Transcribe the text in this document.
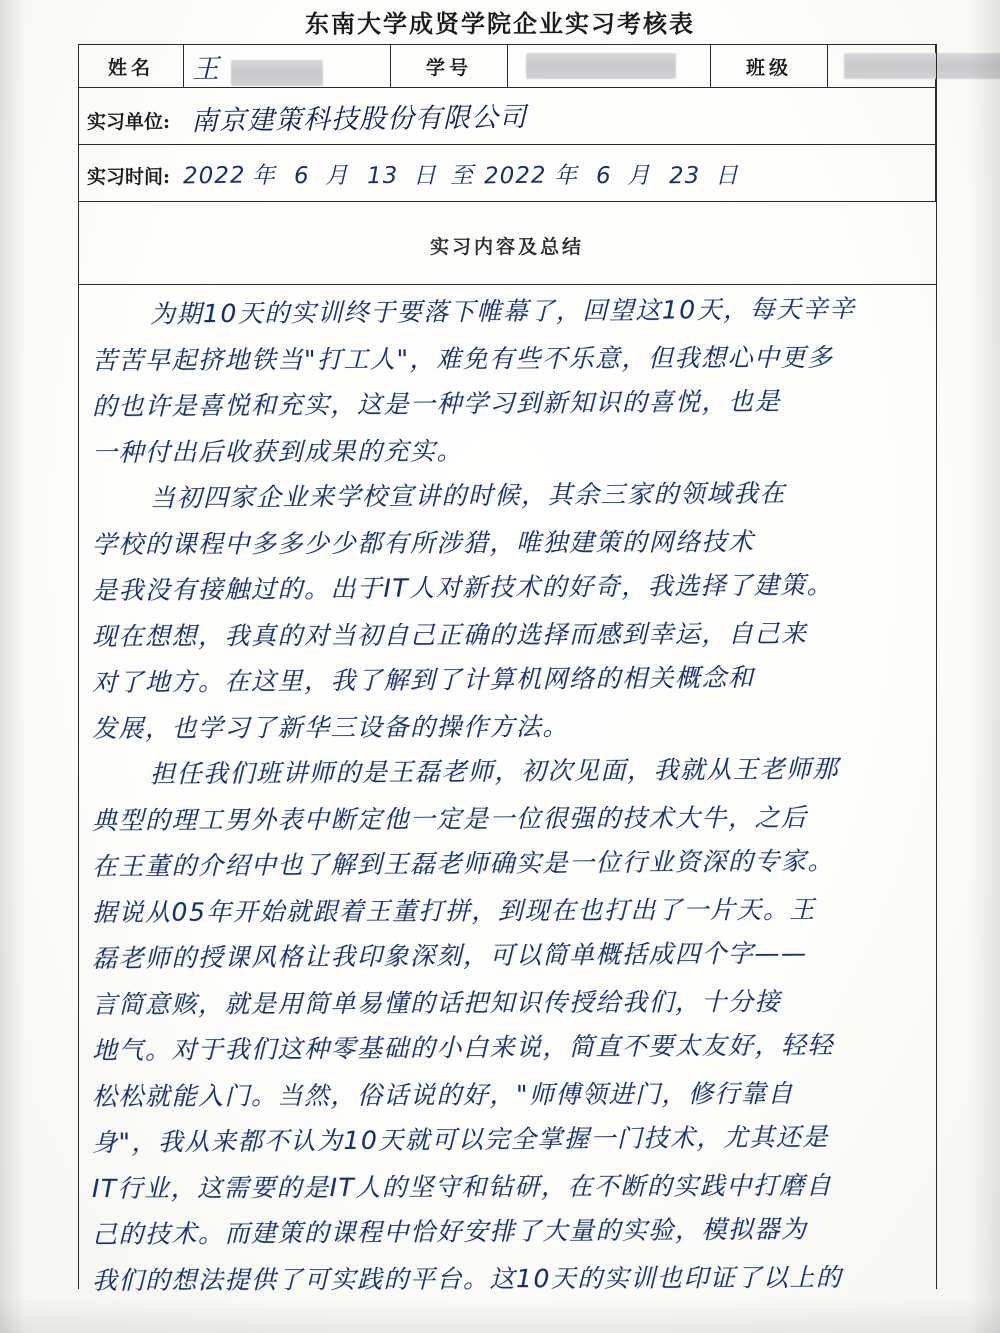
东南大学成贤学院企业实习考核表
姓名	王	学号		班级	
实习单位: 南京建策科技股份有限公司
实习时间: 2022 年 6 月 13 日 至 2022 年 6 月 23 日
实习内容及总结
为期10天的实训终于要落下帷幕了，回望这10天，每天辛辛
苦苦早起挤地铁当"打工人"，难免有些不乐意，但我想心中更多
的也许是喜悦和充实，这是一种学习到新知识的喜悦，也是
一种付出后收获到成果的充实。
当初四家企业来学校宣讲的时候，其余三家的领域我在
学校的课程中多多少少都有所涉猎，唯独建策的网络技术
是我没有接触过的。出于IT人对新技术的好奇，我选择了建策。
现在想想，我真的对当初自己正确的选择而感到幸运，自己来
对了地方。在这里，我了解到了计算机网络的相关概念和
发展，也学习了新华三设备的操作方法。
担任我们班讲师的是王磊老师，初次见面，我就从王老师那
典型的理工男外表中断定他一定是一位很强的技术大牛，之后
在王董的介绍中也了解到王磊老师确实是一位行业资深的专家。
据说从05年开始就跟着王董打拼，到现在也打出了一片天。王
磊老师的授课风格让我印象深刻，可以简单概括成四个字——
言简意赅，就是用简单易懂的话把知识传授给我们，十分接
地气。对于我们这种零基础的小白来说，简直不要太友好，轻轻
松松就能入门。当然，俗话说的好，"师傅领进门，修行靠自
身"，我从来都不认为10天就可以完全掌握一门技术，尤其还是
IT行业，这需要的是IT人的坚守和钻研，在不断的实践中打磨自
己的技术。而建策的课程中恰好安排了大量的实验，模拟器为
我们的想法提供了可实践的平台。这10天的实训也印证了以上的
